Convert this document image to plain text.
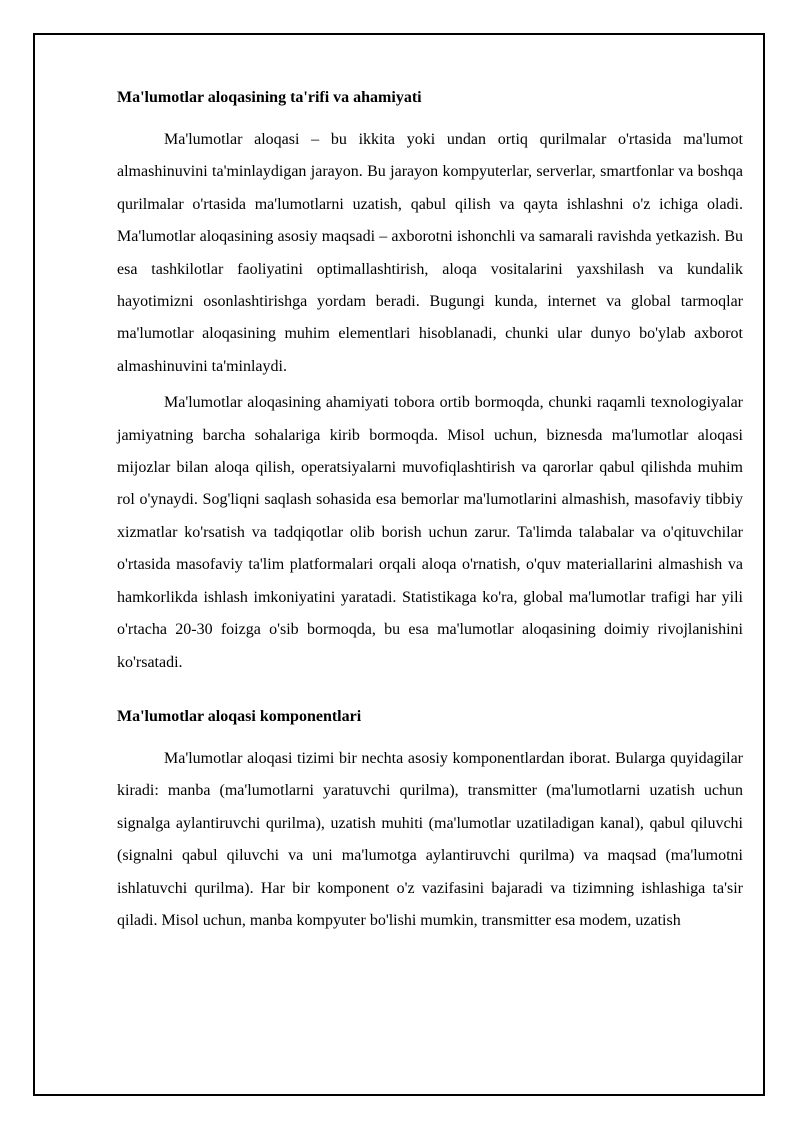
Ma'lumotlar aloqasining ta'rifi va ahamiyati

Ma'lumotlar aloqasi – bu ikkita yoki undan ortiq qurilmalar o'rtasida ma'lumot almashinuvini ta'minlaydigan jarayon. Bu jarayon kompyuterlar, serverlar, smartfonlar va boshqa qurilmalar o'rtasida ma'lumotlarni uzatish, qabul qilish va qayta ishlashni o'z ichiga oladi. Ma'lumotlar aloqasining asosiy maqsadi – axborotni ishonchli va samarali ravishda yetkazish. Bu esa tashkilotlar faoliyatini optimallashtirish, aloqa vositalarini yaxshilash va kundalik hayotimizni osonlashtirishga yordam beradi. Bugungi kunda, internet va global tarmoqlar ma'lumotlar aloqasining muhim elementlari hisoblanadi, chunki ular dunyo bo'ylab axborot almashinuvini ta'minlaydi.

Ma'lumotlar aloqasining ahamiyati tobora ortib bormoqda, chunki raqamli texnologiyalar jamiyatning barcha sohalariga kirib bormoqda. Misol uchun, biznesda ma'lumotlar aloqasi mijozlar bilan aloqa qilish, operatsiyalarni muvofiqlashtirish va qarorlar qabul qilishda muhim rol o'ynaydi. Sog'liqni saqlash sohasida esa bemorlar ma'lumotlarini almashish, masofaviy tibbiy xizmatlar ko'rsatish va tadqiqotlar olib borish uchun zarur. Ta'limda talabalar va o'qituvchilar o'rtasida masofaviy ta'lim platformalari orqali aloqa o'rnatish, o'quv materiallarini almashish va hamkorlikda ishlash imkoniyatini yaratadi. Statistikaga ko'ra, global ma'lumotlar trafigi har yili o'rtacha 20-30 foizga o'sib bormoqda, bu esa ma'lumotlar aloqasining doimiy rivojlanishini ko'rsatadi.

Ma'lumotlar aloqasi komponentlari

Ma'lumotlar aloqasi tizimi bir nechta asosiy komponentlardan iborat. Bularga quyidagilar kiradi: manba (ma'lumotlarni yaratuvchi qurilma), transmitter (ma'lumotlarni uzatish uchun signalga aylantiruvchi qurilma), uzatish muhiti (ma'lumotlar uzatiladigan kanal), qabul qiluvchi (signalni qabul qiluvchi va uni ma'lumotga aylantiruvchi qurilma) va maqsad (ma'lumotni ishlatuvchi qurilma). Har bir komponent o'z vazifasini bajaradi va tizimning ishlashiga ta'sir qiladi. Misol uchun, manba kompyuter bo'lishi mumkin, transmitter esa modem, uzatish
